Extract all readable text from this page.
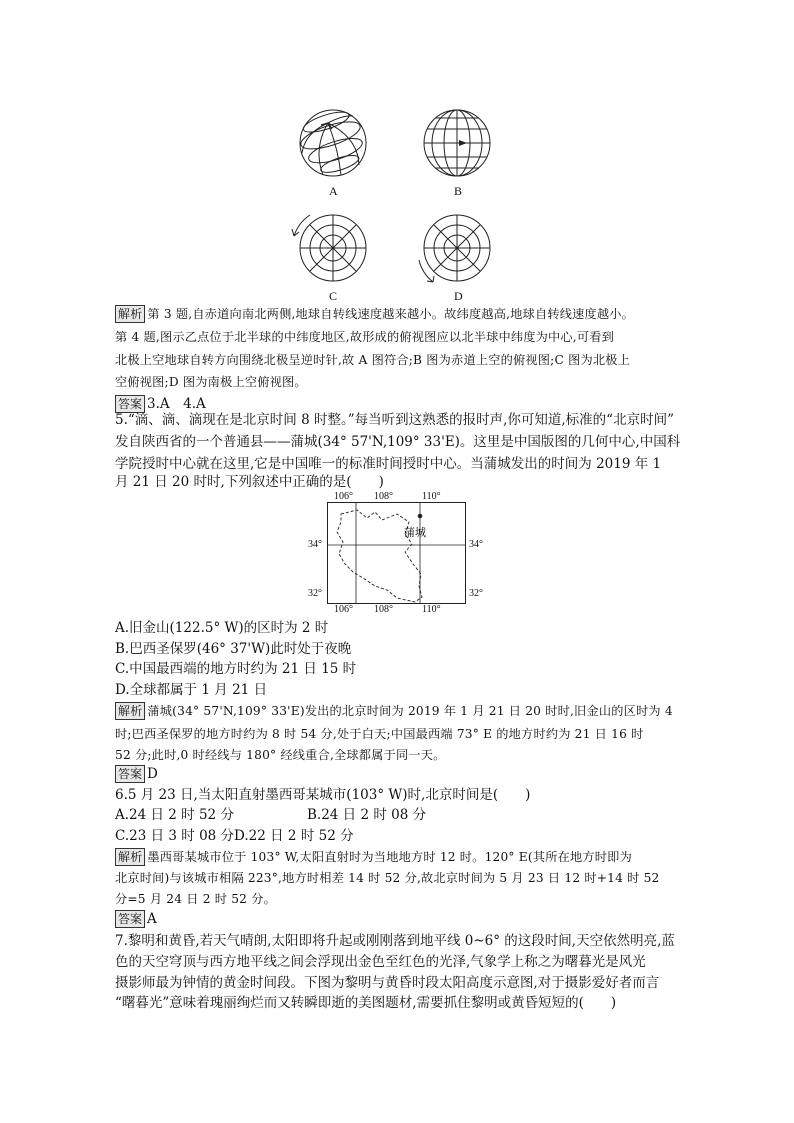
A	B
C	D
解析 第 3 题,自赤道向南北两侧,地球自转线速度越来越小。故纬度越高,地球自转线速度越小。
第 4 题,图示乙点位于北半球的中纬度地区,故形成的俯视图应以北半球中纬度为中心,可看到
北极上空地球自转方向围绕北极呈逆时针,故 A 图符合;B 图为赤道上空的俯视图;C 图为北极上
空俯视图;D 图为南极上空俯视图。
答案 3.A　4.A
5.“滴、滴、滴现在是北京时间 8 时整。”每当听到这熟悉的报时声,你可知道,标准的“北京时间”
发自陕西省的一个普通县——蒲城(34° 57'N,109° 33'E)。这里是中国版图的几何中心,中国科
学院授时中心就在这里,它是中国唯一的标准时间授时中心。当蒲城发出的时间为 2019 年 1
月 21 日 20 时时,下列叙述中正确的是(　　)
106° 108°	110°
106° 108°	110°
34°
32°
34°
32°
蒲城
A.旧金山(122.5° W)的区时为 2 时
B.巴西圣保罗(46° 37'W)此时处于夜晚
C.中国最西端的地方时约为 21 日 15 时
D.全球都属于 1 月 21 日
解析 蒲城(34° 57'N,109° 33'E)发出的北京时间为 2019 年 1 月 21 日 20 时时,旧金山的区时为 4
时;巴西圣保罗的地方时约为 8 时 54 分,处于白天;中国最西端 73° E 的地方时约为 21 日 16 时
52 分;此时,0 时经线与 180° 经线重合,全球都属于同一天。
答案 D
6.5 月 23 日,当太阳直射墨西哥某城市(103° W)时,北京时间是(　　)
A.24 日 2 时 52 分	B.24 日 2 时 08 分
C.23 日 3 时 08 分D.22 日 2 时 52 分
解析 墨西哥某城市位于 103° W,太阳直射时为当地地方时 12 时。120° E(其所在地方时即为
北京时间)与该城市相隔 223°,地方时相差 14 时 52 分,故北京时间为 5 月 23 日 12 时+14 时 52
分=5 月 24 日 2 时 52 分。
答案 A
7.黎明和黄昏,若天气晴朗,太阳即将升起或刚刚落到地平线 0~6° 的这段时间,天空依然明亮,蓝
色的天空穹顶与西方地平线之间会浮现出金色至红色的光泽,气象学上称之为曙暮光是风光
摄影师最为钟情的黄金时间段。下图为黎明与黄昏时段太阳高度示意图,对于摄影爱好者而言
“曙暮光”意味着瑰丽绚烂而又转瞬即逝的美图题材,需要抓住黎明或黄昏短短的(　　)
